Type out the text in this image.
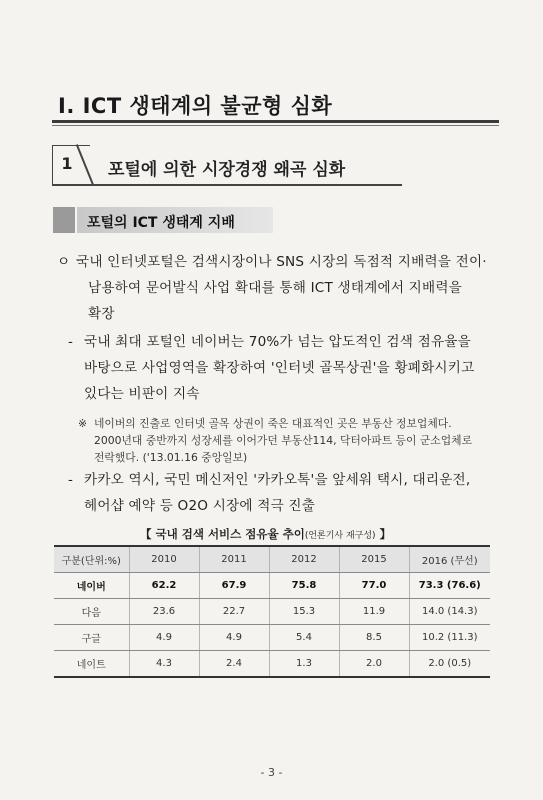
Ⅰ. ICT 생태계의 불균형 심화
1	포털에 의한 시장경쟁 왜곡 심화
포털의 ICT 생태계 지배
ㅇ 국내 인터넷포털은 검색시장이나 SNS 시장의 독점적 지배력을 전이·
남용하여 문어발식 사업 확대를 통해 ICT 생태계에서 지배력을
확장
- 국내 최대 포털인 네이버는 70%가 넘는 압도적인 검색 점유율을
바탕으로 사업영역을 확장하여 '인터넷 골목상권'을 황폐화시키고
있다는 비판이 지속
※ 네이버의 진출로 인터넷 골목 상권이 죽은 대표적인 곳은 부동산 정보업체다.
2000년대 중반까지 성장세를 이어가던 부동산114, 닥터아파트 등이 군소업체로
전락했다. ('13.01.16 중앙일보)
- 카카오 역시, 국민 메신저인 '카카오톡'을 앞세워 택시, 대리운전,
헤어샵 예약 등 O2O 시장에 적극 진출
【 국내 검색 서비스 점유율 추이(언론기사 재구성) 】
구분(단위:%)	2010	2011	2012	2015	2016 (무선)
네이버	62.2	67.9	75.8	77.0	73.3 (76.6)
다음	23.6	22.7	15.3	11.9	14.0 (14.3)
구글	4.9	4.9	5.4	8.5	10.2 (11.3)
네이트	4.3	2.4	1.3	2.0	2.0 (0.5)
- 3 -
